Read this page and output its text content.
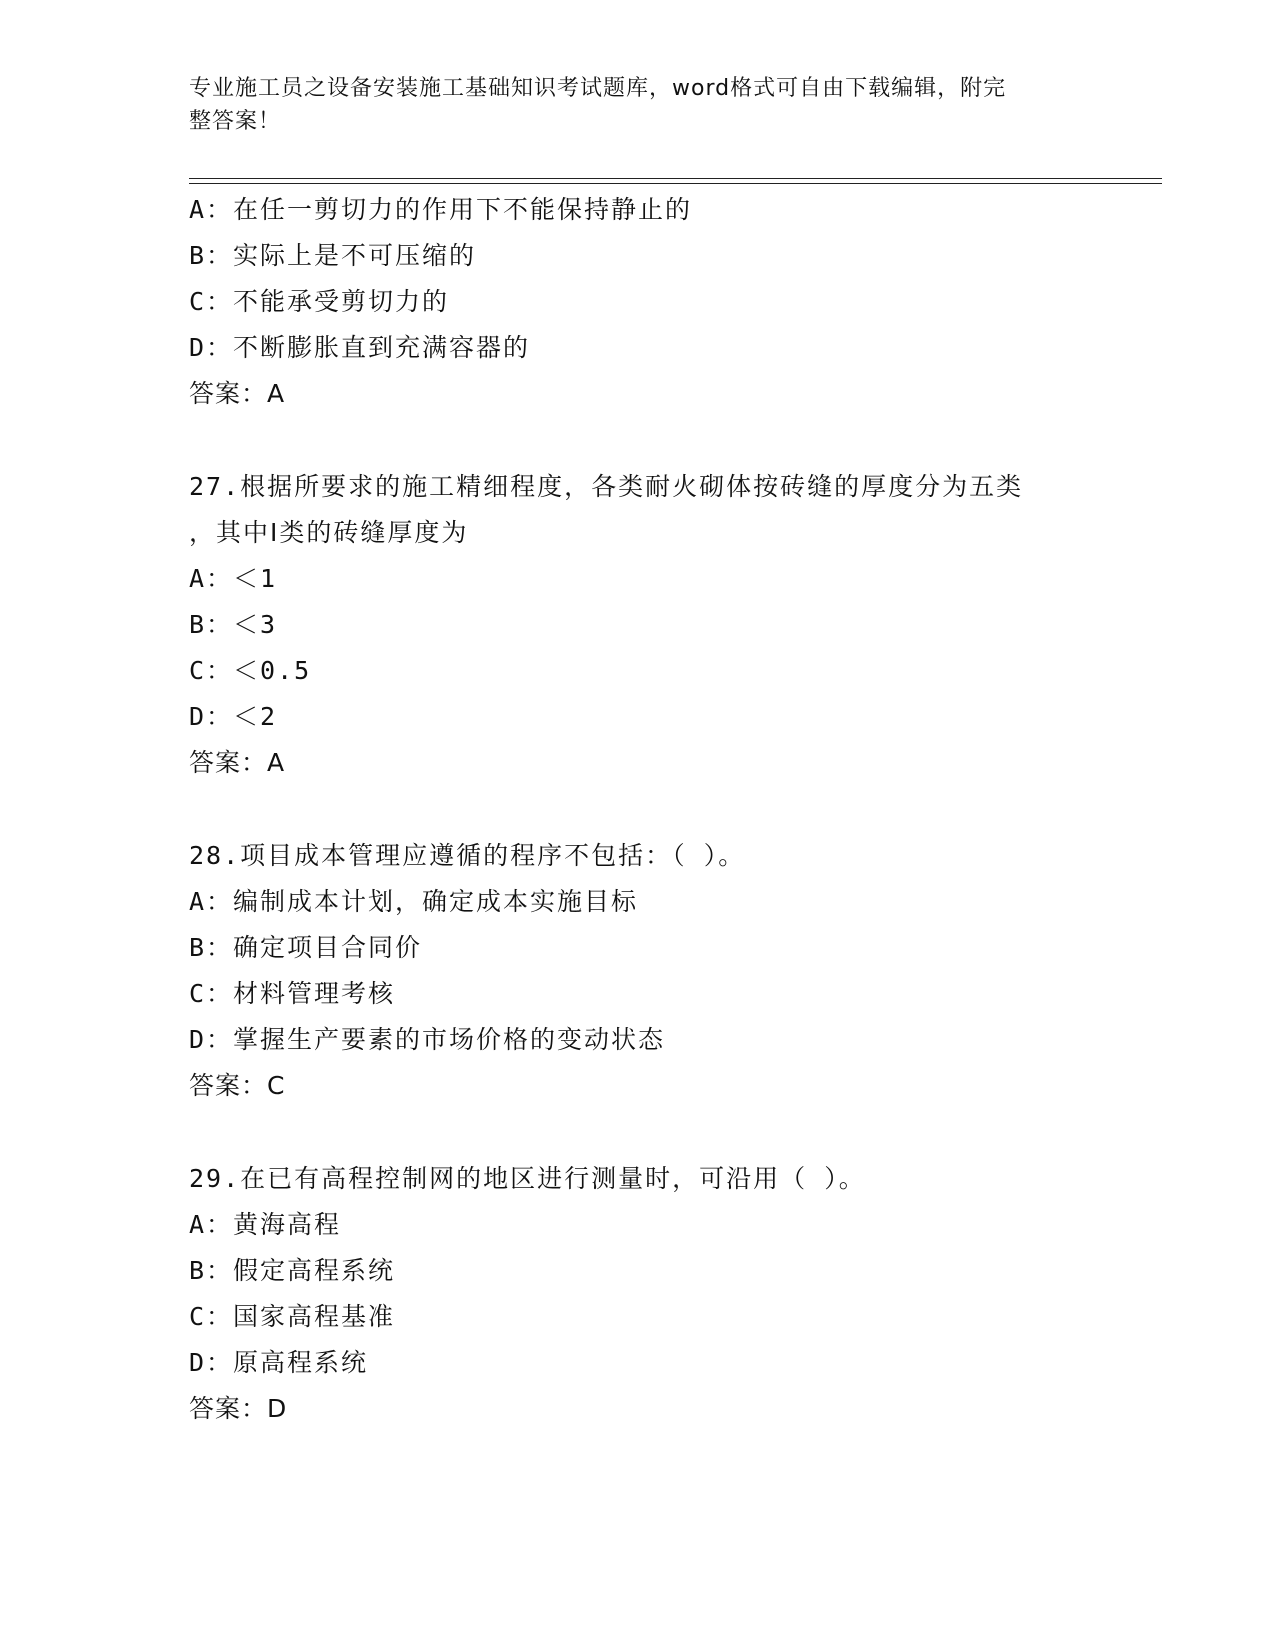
专业施工员之设备安装施工基础知识考试题库，word格式可自由下载编辑，附完
整答案！
A：在任一剪切力的作用下不能保持静止的
B：实际上是不可压缩的
C：不能承受剪切力的
D：不断膨胀直到充满容器的
答案：A
27.根据所要求的施工精细程度，各类耐火砌体按砖缝的厚度分为五类
，其中Ⅰ类的砖缝厚度为
A：＜1
B：＜3
C：＜0.5
D：＜2
答案：A
28.项目成本管理应遵循的程序不包括：（ ）。
A：编制成本计划，确定成本实施目标
B：确定项目合同价
C：材料管理考核
D：掌握生产要素的市场价格的变动状态
答案：C
29.在已有高程控制网的地区进行测量时，可沿用（ ）。
A：黄海高程
B：假定高程系统
C：国家高程基准
D：原高程系统
答案：D
